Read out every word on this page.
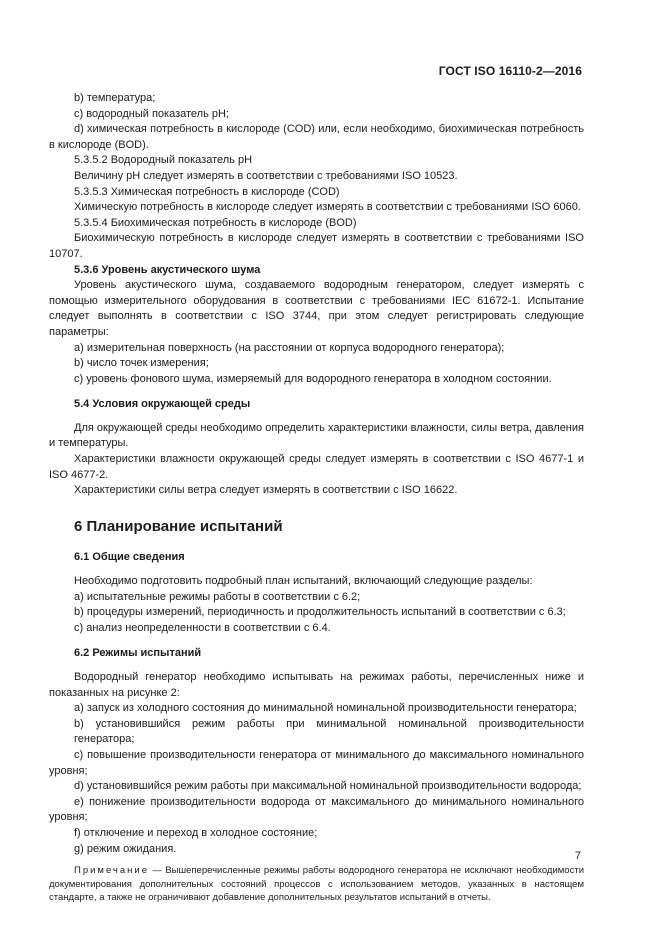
ГОСТ ISO 16110-2—2016

b) температура;

c) водородный показатель pH;

d) химическая потребность в кислороде (COD) или, если необходимо, биохимическая потребность в кислороде (BOD).

5.3.5.2 Водородный показатель pH

Величину pH следует измерять в соответствии с требованиями ISO 10523.

5.3.5.3 Химическая потребность в кислороде (COD)

Химическую потребность в кислороде следует измерять в соответствии с требованиями ISO 6060.

5.3.5.4 Биохимическая потребность в кислороде (BOD)

Биохимическую потребность в кислороде следует измерять в соответствии с требованиями ISO 10707.

5.3.6 Уровень акустического шума

Уровень акустического шума, создаваемого водородным генератором, следует измерять с помощью измерительного оборудования в соответствии с требованиями IEC 61672-1. Испытание следует выполнять в соответствии с ISO 3744, при этом следует регистрировать следующие параметры:

a) измерительная поверхность (на расстоянии от корпуса водородного генератора);

b) число точек измерения;

c) уровень фонового шума, измеряемый для водородного генератора в холодном состоянии.

5.4 Условия окружающей среды

Для окружающей среды необходимо определить характеристики влажности, силы ветра, давления и температуры.

Характеристики влажности окружающей среды следует измерять в соответствии с ISO 4677-1 и ISO 4677-2.

Характеристики силы ветра следует измерять в соответствии с ISO 16622.

6 Планирование испытаний

6.1 Общие сведения

Необходимо подготовить подробный план испытаний, включающий следующие разделы:

a) испытательные режимы работы в соответствии с 6.2;

b) процедуры измерений, периодичность и продолжительность испытаний в соответствии с 6.3;

c) анализ неопределенности в соответствии с 6.4.

6.2 Режимы испытаний

Водородный генератор необходимо испытывать на режимах работы, перечисленных ниже и показанных на рисунке 2:

a) запуск из холодного состояния до минимальной номинальной производительности генератора;

b) установившийся режим работы при минимальной номинальной производительности генератора;

c) повышение производительности генератора от минимального до максимального номинального уровня;

d) установившийся режим работы при максимальной номинальной производительности водорода;

e) понижение производительности водорода от максимального до минимального номинального уровня;

f) отключение и переход в холодное состояние;

g) режим ожидания.

Примечание — Вышеперечисленные режимы работы водородного генератора не исключают необходимости документирования дополнительных состояний процессов с использованием методов, указанных в настоящем стандарте, а также не ограничивают добавление дополнительных результатов испытаний в отчеты.

7
